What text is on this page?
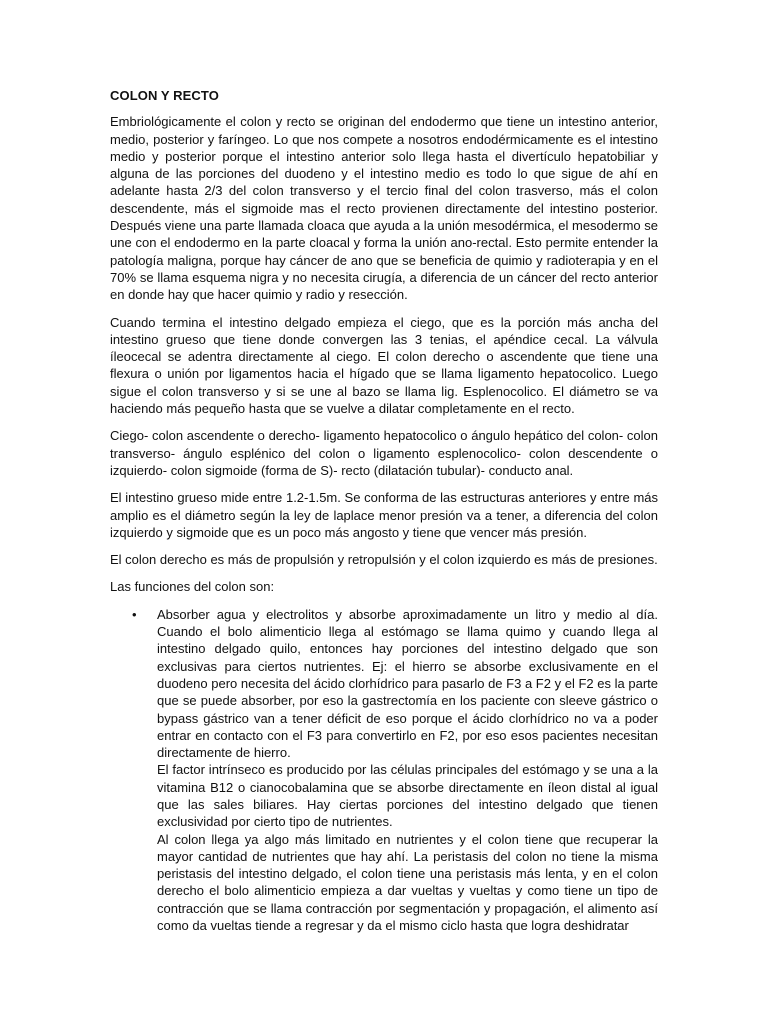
COLON Y RECTO

Embriológicamente el colon y recto se originan del endodermo que tiene un intestino anterior, medio, posterior y faríngeo. Lo que nos compete a nosotros endodérmicamente es el intestino medio y posterior porque el intestino anterior solo llega hasta el divertículo hepatobiliar y alguna de las porciones del duodeno y el intestino medio es todo lo que sigue de ahí en adelante hasta 2/3 del colon transverso y el tercio final del colon trasverso, más el colon descendente, más el sigmoide mas el recto provienen directamente del intestino posterior. Después viene una parte llamada cloaca que ayuda a la unión mesodérmica, el mesodermo se une con el endodermo en la parte cloacal y forma la unión ano-rectal. Esto permite entender la patología maligna, porque hay cáncer de ano que se beneficia de quimio y radioterapia y en el 70% se llama esquema nigra y no necesita cirugía, a diferencia de un cáncer del recto anterior en donde hay que hacer quimio y radio y resección.

Cuando termina el intestino delgado empieza el ciego, que es la porción más ancha del intestino grueso que tiene donde convergen las 3 tenias, el apéndice cecal. La válvula íleocecal se adentra directamente al ciego. El colon derecho o ascendente que tiene una flexura o unión por ligamentos hacia el hígado que se llama ligamento hepatocolico. Luego sigue el colon transverso y si se une al bazo se llama lig. Esplenocolico. El diámetro se va haciendo más pequeño hasta que se vuelve a dilatar completamente en el recto.

Ciego- colon ascendente o derecho- ligamento hepatocolico o ángulo hepático del colon- colon transverso- ángulo esplénico del colon o ligamento esplenocolico- colon descendente o izquierdo- colon sigmoide (forma de S)- recto (dilatación tubular)- conducto anal.

El intestino grueso mide entre 1.2-1.5m. Se conforma de las estructuras anteriores y entre más amplio es el diámetro según la ley de laplace menor presión va a tener, a diferencia del colon izquierdo y sigmoide que es un poco más angosto y tiene que vencer más presión.

El colon derecho es más de propulsión y retropulsión y el colon izquierdo es más de presiones.

Las funciones del colon son:

• Absorber agua y electrolitos y absorbe aproximadamente un litro y medio al día. Cuando el bolo alimenticio llega al estómago se llama quimo y cuando llega al intestino delgado quilo, entonces hay porciones del intestino delgado que son exclusivas para ciertos nutrientes. Ej: el hierro se absorbe exclusivamente en el duodeno pero necesita del ácido clorhídrico para pasarlo de F3 a F2 y el F2 es la parte que se puede absorber, por eso la gastrectomía en los paciente con sleeve gástrico o bypass gástrico van a tener déficit de eso porque el ácido clorhídrico no va a poder entrar en contacto con el F3 para convertirlo en F2, por eso esos pacientes necesitan directamente de hierro.

El factor intrínseco es producido por las células principales del estómago y se una a la vitamina B12 o cianocobalamina que se absorbe directamente en íleon distal al igual que las sales biliares. Hay ciertas porciones del intestino delgado que tienen exclusividad por cierto tipo de nutrientes.

Al colon llega ya algo más limitado en nutrientes y el colon tiene que recuperar la mayor cantidad de nutrientes que hay ahí. La peristasis del colon no tiene la misma peristasis del intestino delgado, el colon tiene una peristasis más lenta, y en el colon derecho el bolo alimenticio empieza a dar vueltas y vueltas y como tiene un tipo de contracción que se llama contracción por segmentación y propagación, el alimento así como da vueltas tiende a regresar y da el mismo ciclo hasta que logra deshidratar
